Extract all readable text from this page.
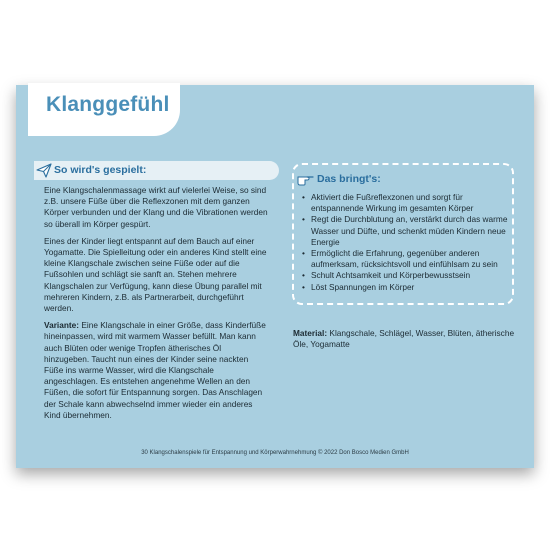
Klanggefühl
So wird's gespielt:

Eine Klangschalenmassage wirkt auf vielerlei Weise, so sind z.B. unsere Füße über die Reflexzonen mit dem ganzen Körper verbunden und der Klang und die Vibrationen werden so überall im Körper gespürt.

Eines der Kinder liegt entspannt auf dem Bauch auf einer Yogamatte. Die Spielleitung oder ein anderes Kind stellt eine kleine Klangschale zwischen seine Füße oder auf die Fußsohlen und schlägt sie sanft an. Stehen mehrere Klangschalen zur Verfügung, kann diese Übung parallel mit mehreren Kindern, z.B. als Partnerarbeit, durchgeführt werden.

Variante: Eine Klangschale in einer Größe, dass Kinderfüße hineinpassen, wird mit warmem Wasser befüllt. Man kann auch Blüten oder wenige Tropfen ätherisches Öl hinzugeben. Taucht nun eines der Kinder seine nackten Füße ins warme Wasser, wird die Klangschale angeschlagen. Es entstehen angenehme Wellen an den Füßen, die sofort für Entspannung sorgen. Das Anschlagen der Schale kann abwechselnd immer wieder ein anderes Kind übernehmen.

30 Klangschalenspiele für Entspannung und Körperwahrnehmung © 2022 Don Bosco Medien GmbH
Das bringt's:
• Aktiviert die Fußreflexzonen und sorgt für entspannende Wirkung im gesamten Körper
• Regt die Durchblutung an, verstärkt durch das warme Wasser und Düfte, und schenkt müden Kindern neue Energie
• Ermöglicht die Erfahrung, gegenüber anderen aufmerksam, rücksichtsvoll und einfühlsam zu sein
• Schult Achtsamkeit und Körperbewusstsein
• Löst Spannungen im Körper
Material: Klangschale, Schlägel, Wasser, Blüten, ätherische Öle, Yogamatte
